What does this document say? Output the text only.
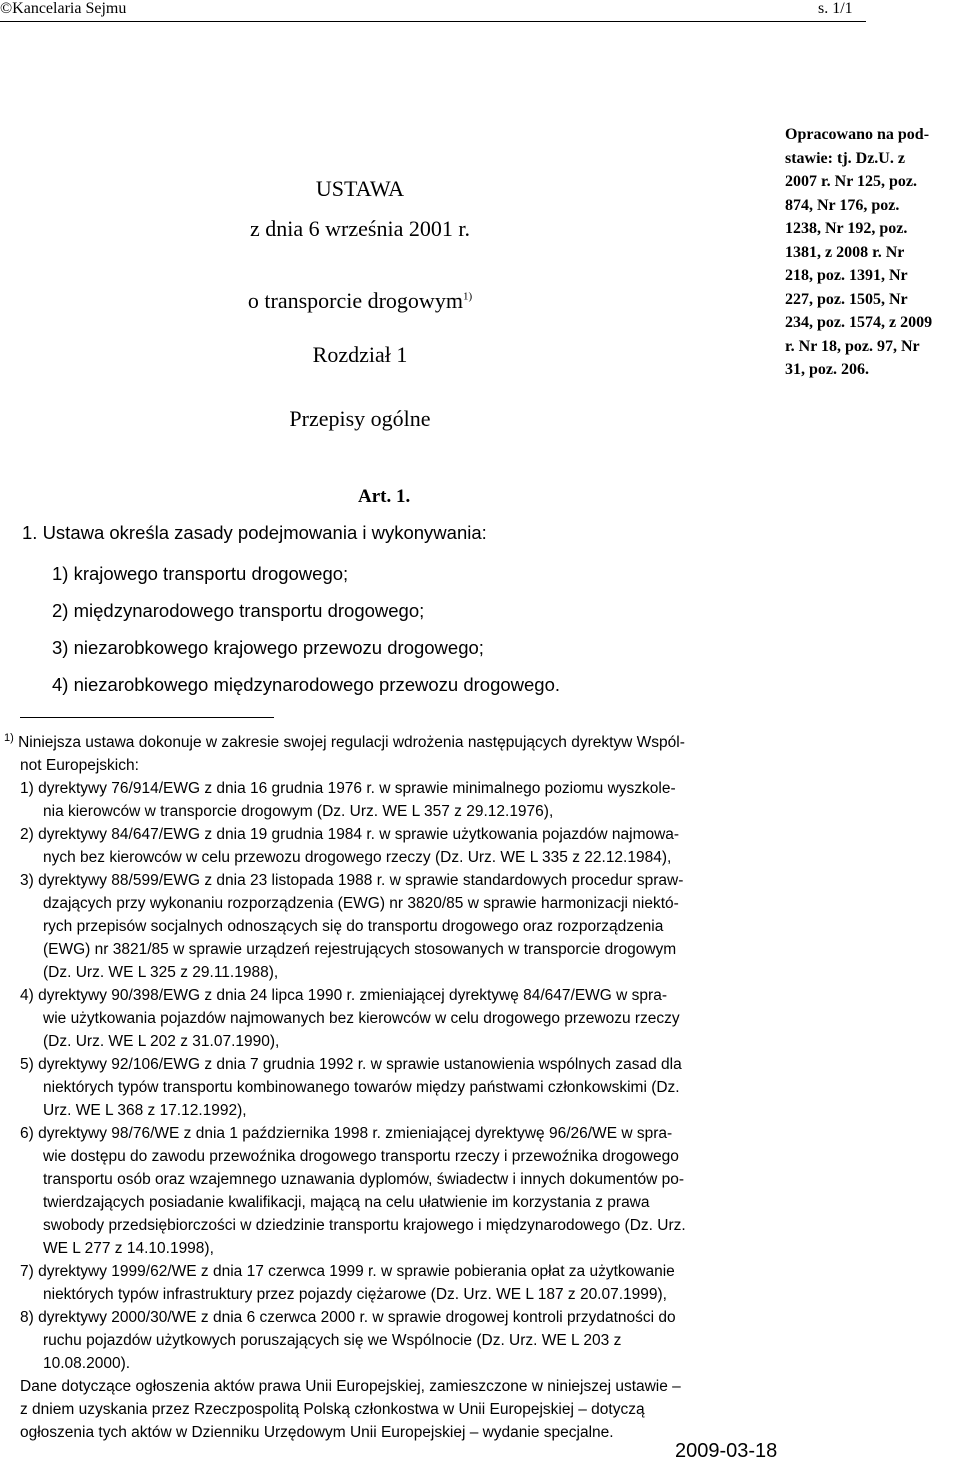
©Kancelaria Sejmu	s. 1/1
USTAWA
z dnia 6 września 2001 r.
o transporcie drogowym$^{1)}$
Rozdział 1
Przepisy ogólne
Opracowano na pod-
stawie: tj. Dz.U. z
2007 r. Nr 125, poz.
874, Nr 176, poz.
1238, Nr 192, poz.
1381, z 2008 r. Nr
218, poz. 1391, Nr
227, poz. 1505, Nr
234, poz. 1574, z 2009
r. Nr 18, poz. 97, Nr
31, poz. 206.
Art. 1.
1. Ustawa określa zasady podejmowania i wykonywania:
1) krajowego transportu drogowego;
2) międzynarodowego transportu drogowego;
3) niezarobkowego krajowego przewozu drogowego;
4) niezarobkowego międzynarodowego przewozu drogowego.
$^{1)}$ Niniejsza ustawa dokonuje w zakresie swojej regulacji wdrożenia następujących dyrektyw Wspól-
not Europejskich:
1) dyrektywy 76/914/EWG z dnia 16 grudnia 1976 r. w sprawie minimalnego poziomu wyszkole-
nia kierowców w transporcie drogowym (Dz. Urz. WE L 357 z 29.12.1976),
2) dyrektywy 84/647/EWG z dnia 19 grudnia 1984 r. w sprawie użytkowania pojazdów najmowa-
nych bez kierowców w celu przewozu drogowego rzeczy (Dz. Urz. WE L 335 z 22.12.1984),
3) dyrektywy 88/599/EWG z dnia 23 listopada 1988 r. w sprawie standardowych procedur spraw-
dzających przy wykonaniu rozporządzenia (EWG) nr 3820/85 w sprawie harmonizacji niektó-
rych przepisów socjalnych odnoszących się do transportu drogowego oraz rozporządzenia
(EWG) nr 3821/85 w sprawie urządzeń rejestrujących stosowanych w transporcie drogowym
(Dz. Urz. WE L 325 z 29.11.1988),
4) dyrektywy 90/398/EWG z dnia 24 lipca 1990 r. zmieniającej dyrektywę 84/647/EWG w spra-
wie użytkowania pojazdów najmowanych bez kierowców w celu drogowego przewozu rzeczy
(Dz. Urz. WE L 202 z 31.07.1990),
5) dyrektywy 92/106/EWG z dnia 7 grudnia 1992 r. w sprawie ustanowienia wspólnych zasad dla
niektórych typów transportu kombinowanego towarów między państwami członkowskimi (Dz.
Urz. WE L 368 z 17.12.1992),
6) dyrektywy 98/76/WE z dnia 1 października 1998 r. zmieniającej dyrektywę 96/26/WE w spra-
wie dostępu do zawodu przewoźnika drogowego transportu rzeczy i przewoźnika drogowego
transportu osób oraz wzajemnego uznawania dyplomów, świadectw i innych dokumentów po-
twierdzających posiadanie kwalifikacji, mającą na celu ułatwienie im korzystania z prawa
swobody przedsiębiorczości w dziedzinie transportu krajowego i międzynarodowego (Dz. Urz.
WE L 277 z 14.10.1998),
7) dyrektywy 1999/62/WE z dnia 17 czerwca 1999 r. w sprawie pobierania opłat za użytkowanie
niektórych typów infrastruktury przez pojazdy ciężarowe (Dz. Urz. WE L 187 z 20.07.1999),
8) dyrektywy 2000/30/WE z dnia 6 czerwca 2000 r. w sprawie drogowej kontroli przydatności do
ruchu pojazdów użytkowych poruszających się we Wspólnocie (Dz. Urz. WE L 203 z
10.08.2000).
Dane dotyczące ogłoszenia aktów prawa Unii Europejskiej, zamieszczone w niniejszej ustawie –
z dniem uzyskania przez Rzeczpospolitą Polską członkostwa w Unii Europejskiej – dotyczą
ogłoszenia tych aktów w Dzienniku Urzędowym Unii Europejskiej – wydanie specjalne.
2009-03-18
